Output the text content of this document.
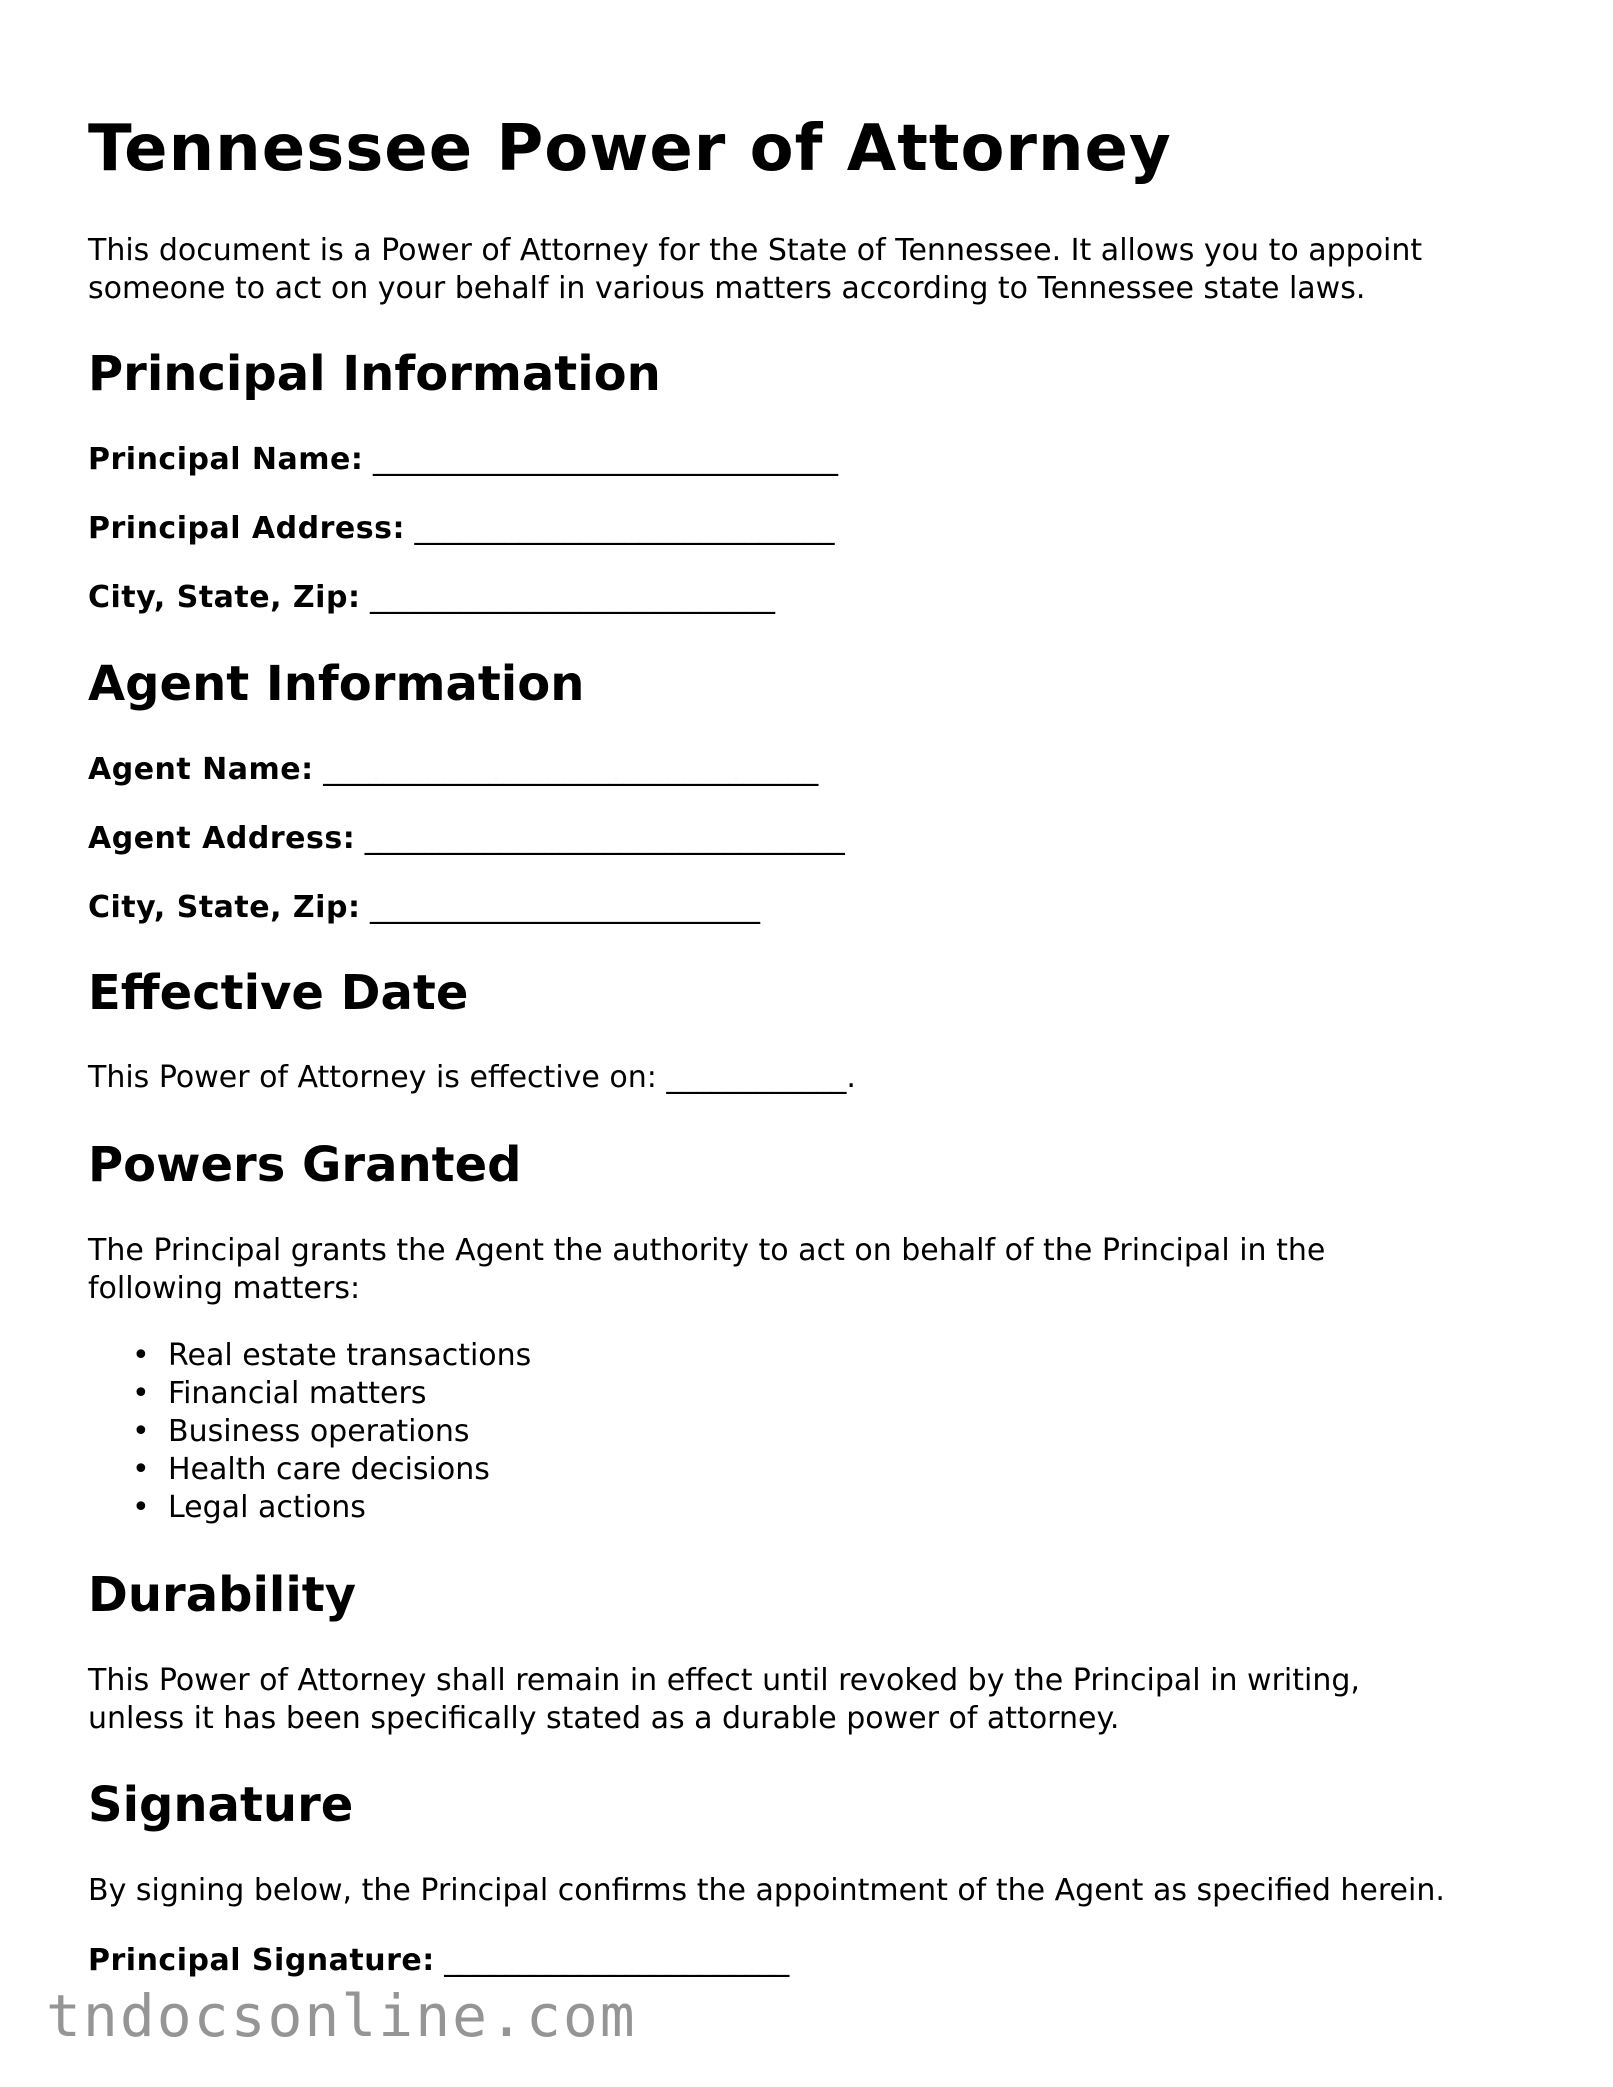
Tennessee Power of Attorney

This document is a Power of Attorney for the State of Tennessee. It allows you to appoint
someone to act on your behalf in various matters according to Tennessee state laws.

Principal Information
Principal Name: _______________________________
Principal Address: ____________________________
City, State, Zip: ___________________________
Agent Information
Agent Name: _________________________________
Agent Address: ________________________________
City, State, Zip: __________________________
Effective Date

This Power of Attorney is effective on: ____________.

Powers Granted

The Principal grants the Agent the authority to act on behalf of the Principal in the
following matters:

• Real estate transactions
• Financial matters
• Business operations
• Health care decisions
• Legal actions
Durability

This Power of Attorney shall remain in effect until revoked by the Principal in writing,
unless it has been specifically stated as a durable power of attorney.

Signature

By signing below, the Principal confirms the appointment of the Agent as specified herein.

Principal Signature: _______________________
tndocsonline.com
